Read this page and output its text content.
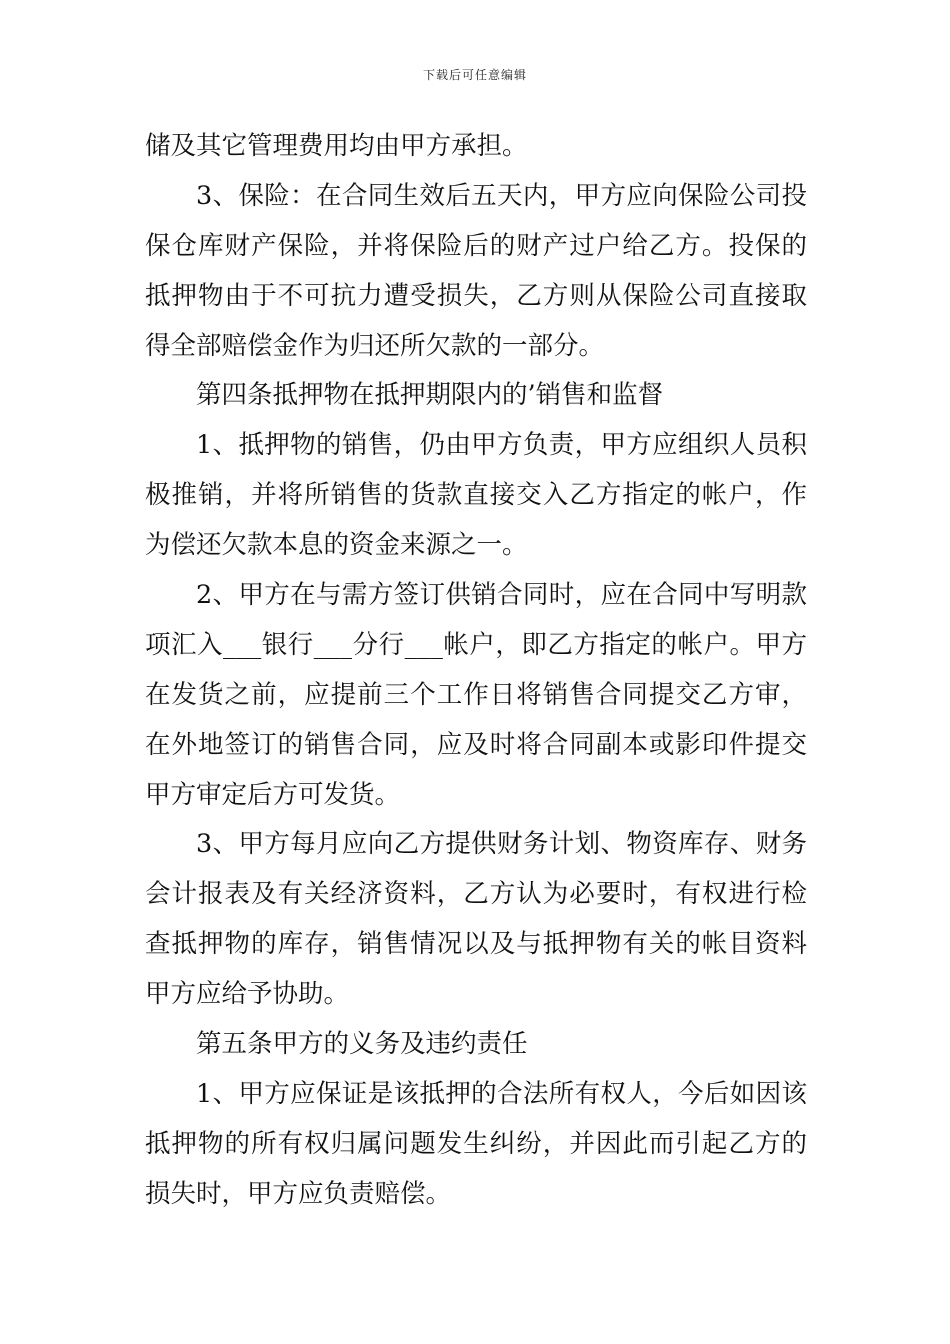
下载后可任意编辑
储及其它管理费用均由甲方承担。
3、保险：在合同生效后五天内，甲方应向保险公司投
保仓库财产保险，并将保险后的财产过户给乙方。投保的
抵押物由于不可抗力遭受损失，乙方则从保险公司直接取
得全部赔偿金作为归还所欠款的一部分。
第四条抵押物在抵押期限内的’销售和监督
1、抵押物的销售，仍由甲方负责，甲方应组织人员积
极推销，并将所销售的货款直接交入乙方指定的帐户，作
为偿还欠款本息的资金来源之一。
2、甲方在与需方签订供销合同时，应在合同中写明款
项汇入___银行___分行___帐户，即乙方指定的帐户。甲方
在发货之前，应提前三个工作日将销售合同提交乙方审，
在外地签订的销售合同，应及时将合同副本或影印件提交
甲方审定后方可发货。
3、甲方每月应向乙方提供财务计划、物资库存、财务
会计报表及有关经济资料，乙方认为必要时，有权进行检
查抵押物的库存，销售情况以及与抵押物有关的帐目资料
甲方应给予协助。
第五条甲方的义务及违约责任
1、甲方应保证是该抵押的合法所有权人，今后如因该
抵押物的所有权归属问题发生纠纷，并因此而引起乙方的
损失时，甲方应负责赔偿。
